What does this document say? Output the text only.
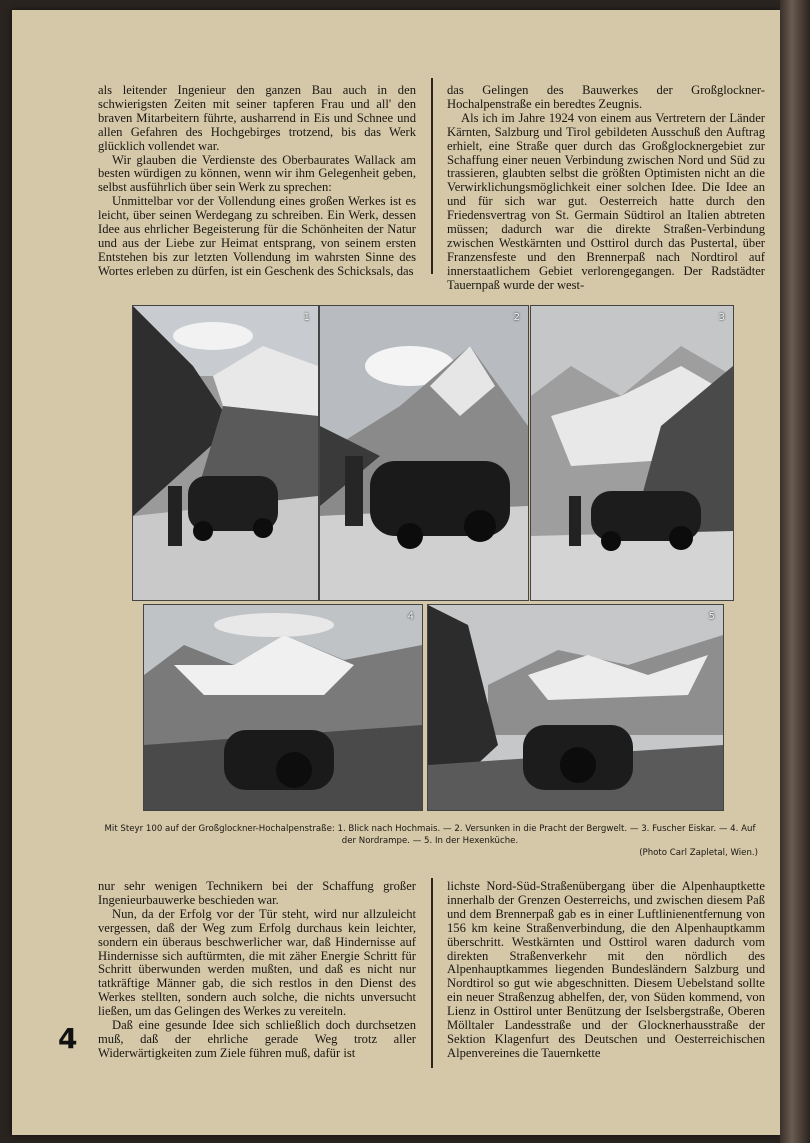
als leitender Ingenieur den ganzen Bau auch in den schwierigsten Zeiten mit seiner tapferen Frau und all' den braven Mitarbeitern führte, ausharrend in Eis und Schnee und allen Gefahren des Hochgebirges trotzend, bis das Werk glücklich vollendet war.

Wir glauben die Verdienste des Oberbaurates Wallack am besten würdigen zu können, wenn wir ihm Gelegenheit geben, selbst ausführlich über sein Werk zu sprechen:

Unmittelbar vor der Vollendung eines großen Werkes ist es leicht, über seinen Werdegang zu schreiben. Ein Werk, dessen Idee aus ehrlicher Begeisterung für die Schönheiten der Natur und aus der Liebe zur Heimat entsprang, von seinem ersten Entstehen bis zur letzten Vollendung im wahrsten Sinne des Wortes erleben zu dürfen, ist ein Geschenk des Schicksals, das

das Gelingen des Bauwerkes der Großglockner-Hochalpenstraße ein beredtes Zeugnis.

Als ich im Jahre 1924 von einem aus Vertretern der Länder Kärnten, Salzburg und Tirol gebildeten Ausschuß den Auftrag erhielt, eine Straße quer durch das Großglocknergebiet zur Schaffung einer neuen Verbindung zwischen Nord und Süd zu trassieren, glaubten selbst die größten Optimisten nicht an die Verwirklichungsmöglichkeit einer solchen Idee. Die Idee an und für sich war gut. Oesterreich hatte durch den Friedensvertrag von St. Germain Südtirol an Italien abtreten müssen; dadurch war die direkte Straßen-Verbindung zwischen Westkärnten und Osttirol durch das Pustertal, über Franzensfeste und den Brennerpaß nach Nordtirol auf innerstaatlichem Gebiet verlorengegangen. Der Radstädter Tauernpaß wurde der west-

1	2	3
4	5
Mit Steyr 100 auf der Großglockner-Hochalpenstraße: 1. Blick nach Hochmais. — 2. Versunken in die Pracht der Bergwelt. — 3. Fuscher Eiskar. — 4. Auf der Nordrampe. — 5. In der Hexenküche.
(Photo Carl Zapletal, Wien.)

nur sehr wenigen Technikern bei der Schaffung großer Ingenieurbauwerke beschieden war.

Nun, da der Erfolg vor der Tür steht, wird nur allzuleicht vergessen, daß der Weg zum Erfolg durchaus kein leichter, sondern ein überaus beschwerlicher war, daß Hindernisse auf Hindernisse sich auftürmten, die mit zäher Energie Schritt für Schritt überwunden werden mußten, und daß es nicht nur tatkräftige Männer gab, die sich restlos in den Dienst des Werkes stellten, sondern auch solche, die nichts unversucht ließen, um das Gelingen des Werkes zu vereiteln.

Daß eine gesunde Idee sich schließlich doch durchsetzen muß, daß der ehrliche gerade Weg trotz aller Widerwärtigkeiten zum Ziele führen muß, dafür ist

lichste Nord-Süd-Straßenübergang über die Alpenhauptkette innerhalb der Grenzen Oesterreichs, und zwischen diesem Paß und dem Brennerpaß gab es in einer Luftlinienentfernung von 156 km keine Straßenverbindung, die den Alpenhauptkamm überschritt. Westkärnten und Osttirol waren dadurch vom direkten Straßenverkehr mit den nördlich des Alpenhauptkammes liegenden Bundesländern Salzburg und Nordtirol so gut wie abgeschnitten. Diesem Uebelstand sollte ein neuer Straßenzug abhelfen, der, von Süden kommend, von Lienz in Osttirol unter Benützung der Iselsbergstraße, Oberen Mölltaler Landesstraße und der Glocknerhausstraße der Sektion Klagenfurt des Deutschen und Oesterreichischen Alpenvereines die Tauernkette

4
